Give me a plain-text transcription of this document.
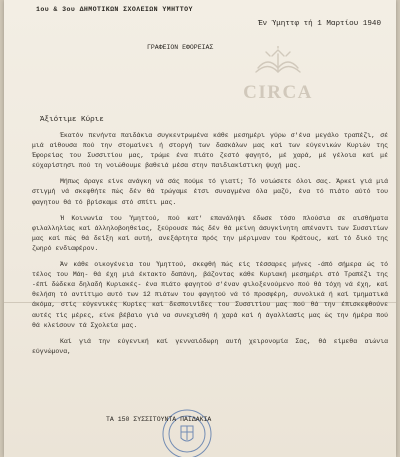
1ου & 3ου ΔΗΜΟΤΙΚΩΝ ΣΧΟΛΕΙΩΝ ΥΜΗΤΤΟΥ
Έν Ύμηττφ τή 1 Μαρτίου 1940
ΓΡΑΦΕΙΟΝ ΕΦΟΡΕΙΑΣ
CIRCA
Άξιότιμε Κύριε

Έκατόν πενήντα παιδάκια συγκεντρωμένα κάθε μεσημέρι γύρω σ'ένα μεγάλο τραπέζι, σέ μιά αίθουσα πού την στομαίνει ή στοργή των δασκάλων μας καί των εύγενικών Κυριών της Έφορείας του Συσσιτίου μας, τρώμε ένα πιάτο ζεστό φαγητό, μέ χαρά, μέ γέλοια καί μέ εύχαρίστησι πού τη νοιώθουμε βαθειά μέσα στην παιδιακίστικη ψυχή μας.

Μήπως άραγε είνε ανάγκη νά σάς πούμε τό γιατί; Τό νοιώσετε όλοι σας. Άρκεί γιά μιά στιγμή νά σκεφθήτε πώς δέν θά τρώγαμε έτσι συναγμένα όλα μαζύ, ένα τό πιάτο αύτό του φαγητου θά τό βρίσκαμε στό σπίτι μας.

Ή Κοινωνία του Ύμηττού, πού κατ' επανάληψι έδωσε τόσο πλούσια σε αισθήματα φιλαλληλίας καί άλληλοβοηθείας, ξεύρουσε πώς δέν θά μείνη άσυγκίνητη απέναντι των Συσσιτίων μας καί πώς θά δείξη καί αυτή, ανεξάρτητα πρός την μέριμναν του Κράτους, καί τό δικό της ζωηρό ενδιαφέρον.

Άν κάθε οικογένεια του Ύμηττού, σκεφθή πώς είς τέσσαρες μήνες -άπό σήμερα ώς τό τέλος του Μάη- θά έχη μιά έκτακτο δαπάνη, βάζοντας κάθε Κυριακή μεσημέρι στό Τραπέζι της -έπί δώδεκα δηλαδή Κυριακές- ένα πιάτο φαγητού σ'έναν φιλοξενούμενο πού θά τόχη νά έχη, καί θελήση τό αντίτιμο αυτό των 12 πιάτων του φαγητού νά τό προσφέρη, συνολικά ή καί τμηματικά άκόμα, στίς εύγενικές Κυρίες καί δεσποινίδες του Συσσιτίου μας πού θά την έπισκεφθούνε αυτές τίς μέρες, είνε βέβαιο γιά να συνεχισθή ή χαρά καί ή άγαλλίασίς μας ώς την ήμέρα πού θά κλείσουν τά Σχολεία μας.

Καί γιά την εύγενική καί γενναιόδωρη αυτή χειρονομία Σας, θά είμεθα αιώνια εύγνώμονα,

ΤΑ 150 ΣΥΣΣΙΤΟΥΝΤΑ ΠΑΙΔΑΚΙΑ
